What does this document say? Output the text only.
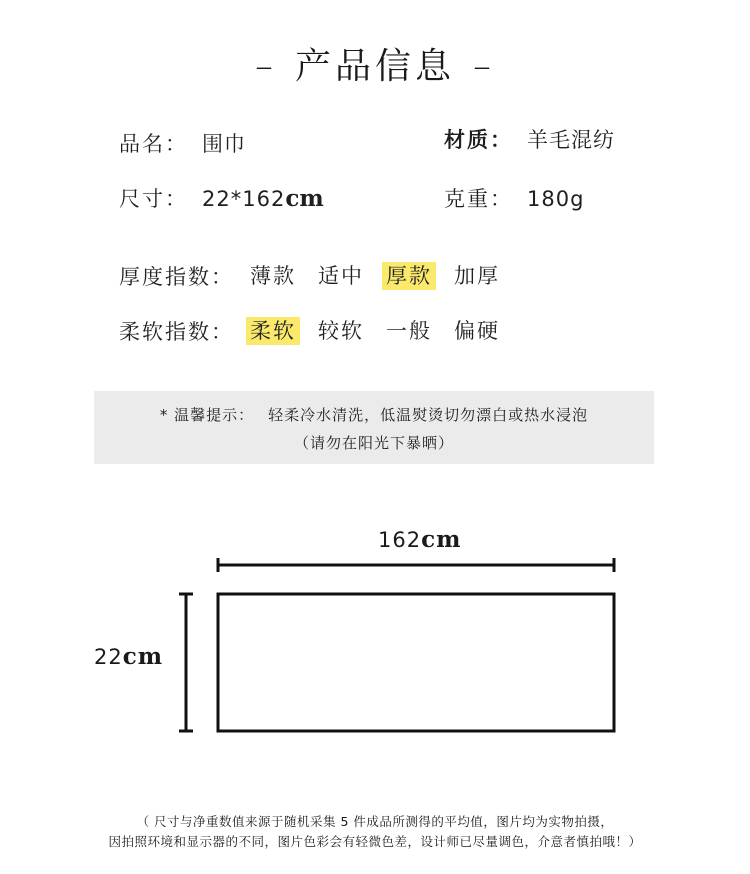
– 产品信息 –
品名： 围巾	材质： 羊毛混纺
尺寸： 22*162cm	克重： 180g
厚度指数： 薄款 适中 厚款 加厚
柔软指数： 柔软 较软 一般 偏硬
* 温馨提示： 轻柔冷水清洗，低温熨烫切勿漂白或热水浸泡
（请勿在阳光下暴晒）
162cm
22cm
（ 尺寸与净重数值来源于随机采集 5 件成品所测得的平均值，图片均为实物拍摄，
因拍照环境和显示器的不同，图片色彩会有轻微色差，设计师已尽量调色，介意者慎拍哦！）
